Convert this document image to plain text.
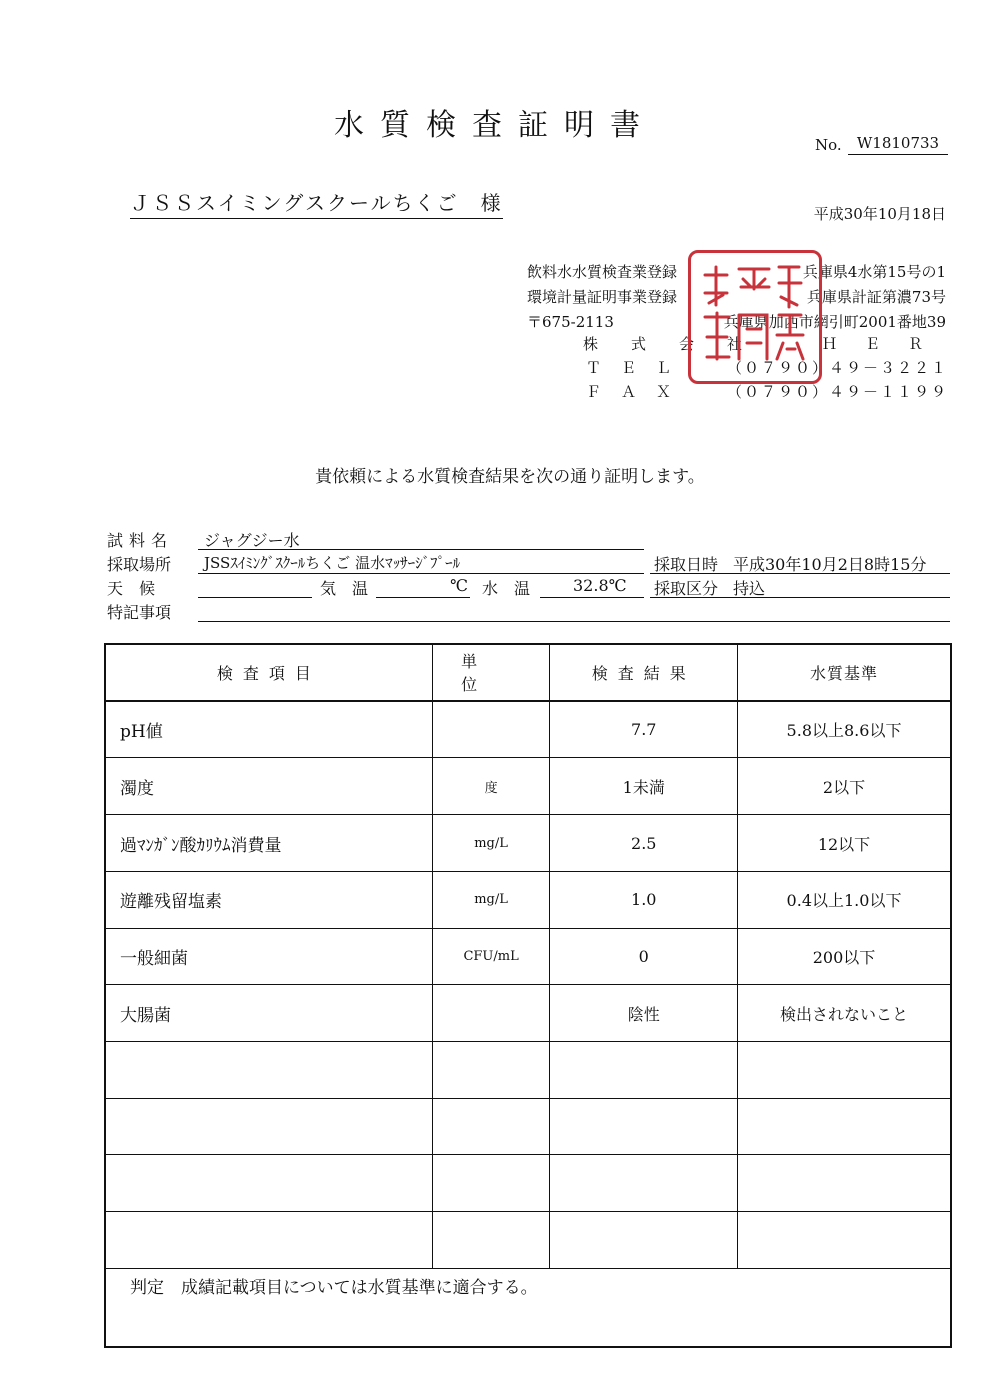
水質検査証明書
No.	W1810733
ＪＳＳスイミングスクールちくご　様	平成30年10月18日
飲料水水質検査業登録	兵庫県4水第15号の1
環境計量証明事業登録	兵庫県計証第濃73号
〒675-2113	兵庫県加西市網引町2001番地39
株　式　会　社	ＨＥＲ
ＴＥＬ （０７９０）４９－３２２１
ＦＡＸ （０７９０）４９－１１９９
貴依頼による水質検査結果を次の通り証明します。
試料名 ジャグジー水
採取場所 JSSｽｲﾐﾝｸﾞｽｸｰﾙちくご 温水ﾏｯｻｰｼﾞﾌﾟｰﾙ	採取日時 平成30年10月2日8時15分
天　候	気　温	℃ 水　温	32.8℃ 採取区分 持込
特記事項
検査項目	単位	検査結果	水質基準
pH値		7.7	5.8以上8.6以下
濁度	度	1未満	2以下
過ﾏﾝｶﾞﾝ酸ｶﾘｳﾑ消費量	mg/L	2.5	12以下
遊離残留塩素	mg/L	1.0	0.4以上1.0以下
一般細菌	CFU/mL	0	200以下
大腸菌		陰性	検出されないこと

判定　成績記載項目については水質基準に適合する。			
